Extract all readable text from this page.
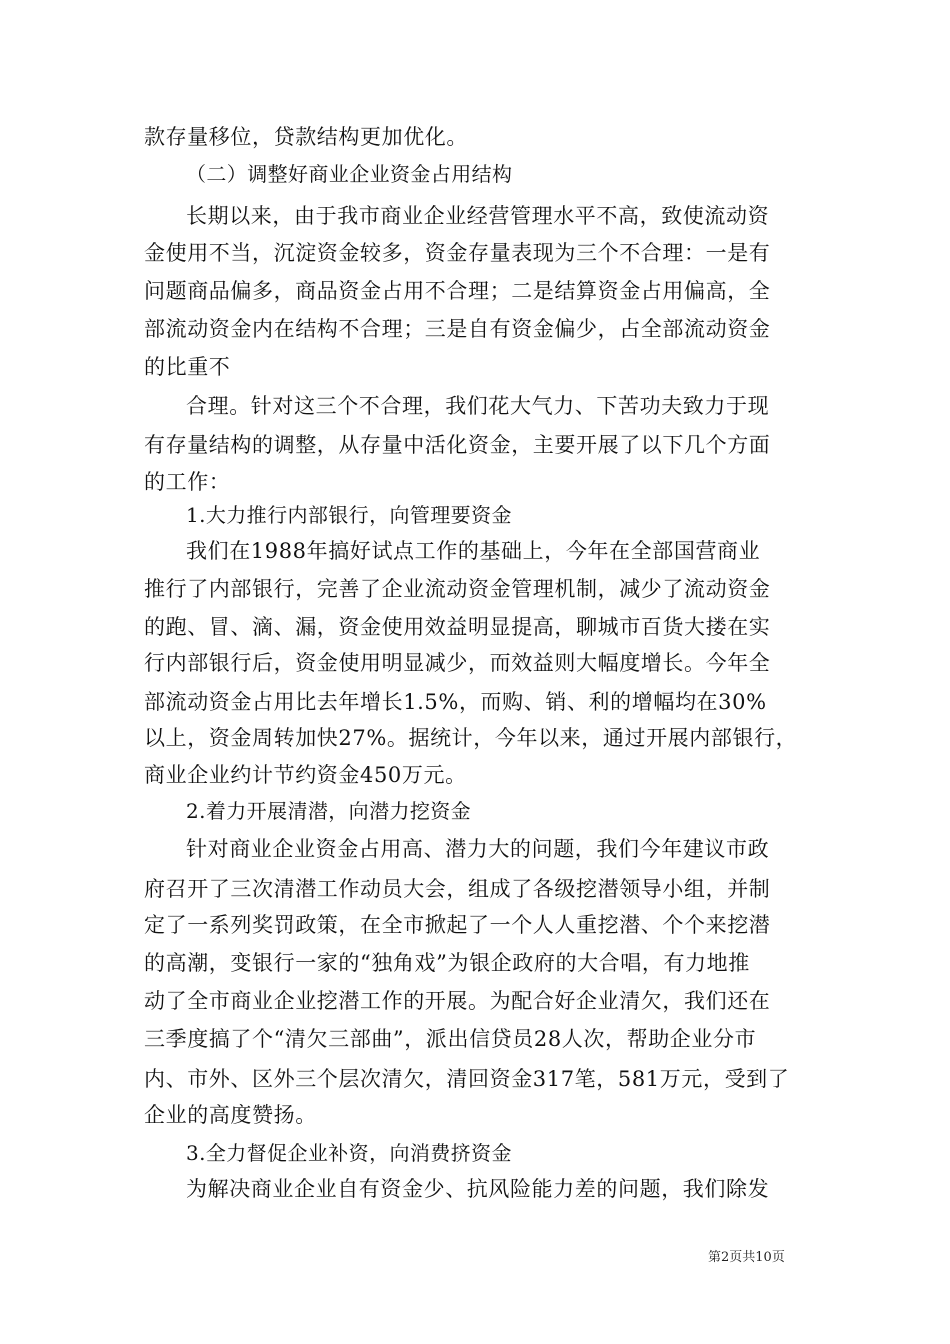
款存量移位，贷款结构更加优化。
（二）调整好商业企业资金占用结构
长期以来，由于我市商业企业经营管理水平不高，致使流动资
金使用不当，沉淀资金较多，资金存量表现为三个不合理：一是有
问题商品偏多，商品资金占用不合理；二是结算资金占用偏高，全
部流动资金内在结构不合理；三是自有资金偏少，占全部流动资金
的比重不
合理。针对这三个不合理，我们花大气力、下苦功夫致力于现
有存量结构的调整，从存量中活化资金，主要开展了以下几个方面
的工作：
1.大力推行内部银行，向管理要资金
我们在1988年搞好试点工作的基础上，今年在全部国营商业
推行了内部银行，完善了企业流动资金管理机制，减少了流动资金
的跑、冒、滴、漏，资金使用效益明显提高，聊城市百货大搂在实
行内部银行后，资金使用明显减少，而效益则大幅度增长。今年全
部流动资金占用比去年增长1.5%，而购、销、利的增幅均在30%
以上，资金周转加快27%。据统计，今年以来，通过开展内部银行，
商业企业约计节约资金450万元。
2.着力开展清潜，向潜力挖资金
针对商业企业资金占用高、潜力大的问题，我们今年建议市政
府召开了三次清潜工作动员大会，组成了各级挖潜领导小组，并制
定了一系列奖罚政策，在全市掀起了一个人人重挖潜、个个来挖潜
的高潮，变银行一家的“独角戏”为银企政府的大合唱，有力地推
动了全市商业企业挖潜工作的开展。为配合好企业清欠，我们还在
三季度搞了个“清欠三部曲”，派出信贷员28人次，帮助企业分市
内、市外、区外三个层次清欠，清回资金317笔，581万元，受到了
企业的高度赞扬。
3.全力督促企业补资，向消费挤资金
为解决商业企业自有资金少、抗风险能力差的问题，我们除发
第2页共10页
